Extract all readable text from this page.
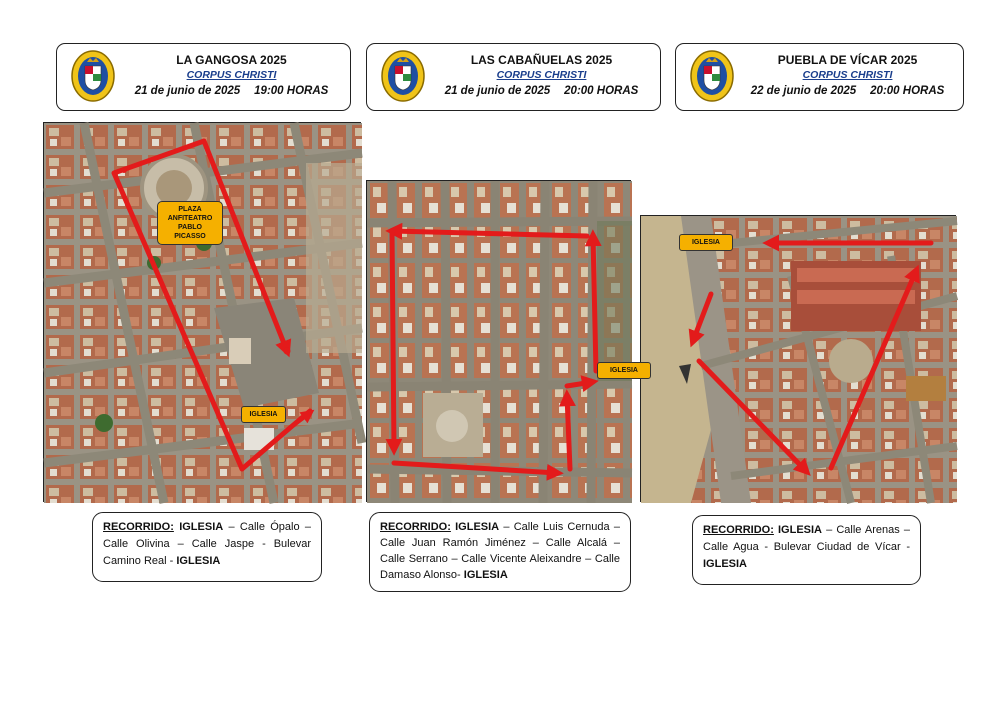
LA GANGOSA 2025
CORPUS CHRISTI
21 de junio de 2025 19:00 HORAS
LAS CABAÑUELAS 2025
CORPUS CHRISTI
21 de junio de 2025 20:00 HORAS
PUEBLA DE VÍCAR 2025
CORPUS CHRISTI
22 de junio de 2025 20:00 HORAS
PLAZA ANFITEATRO PABLO PICASSO
IGLESIA
IGLESIA
IGLESIA
RECORRIDO: IGLESIA – Calle Ópalo – Calle Olivina – Calle Jaspe - Bulevar Camino Real - IGLESIA
RECORRIDO: IGLESIA – Calle Luis Cernuda – Calle Juan Ramón Jiménez – Calle Alcalá – Calle Serrano – Calle Vicente Aleixandre – Calle Damaso Alonso- IGLESIA
RECORRIDO: IGLESIA – Calle Arenas – Calle Agua - Bulevar Ciudad de Vícar - IGLESIA
